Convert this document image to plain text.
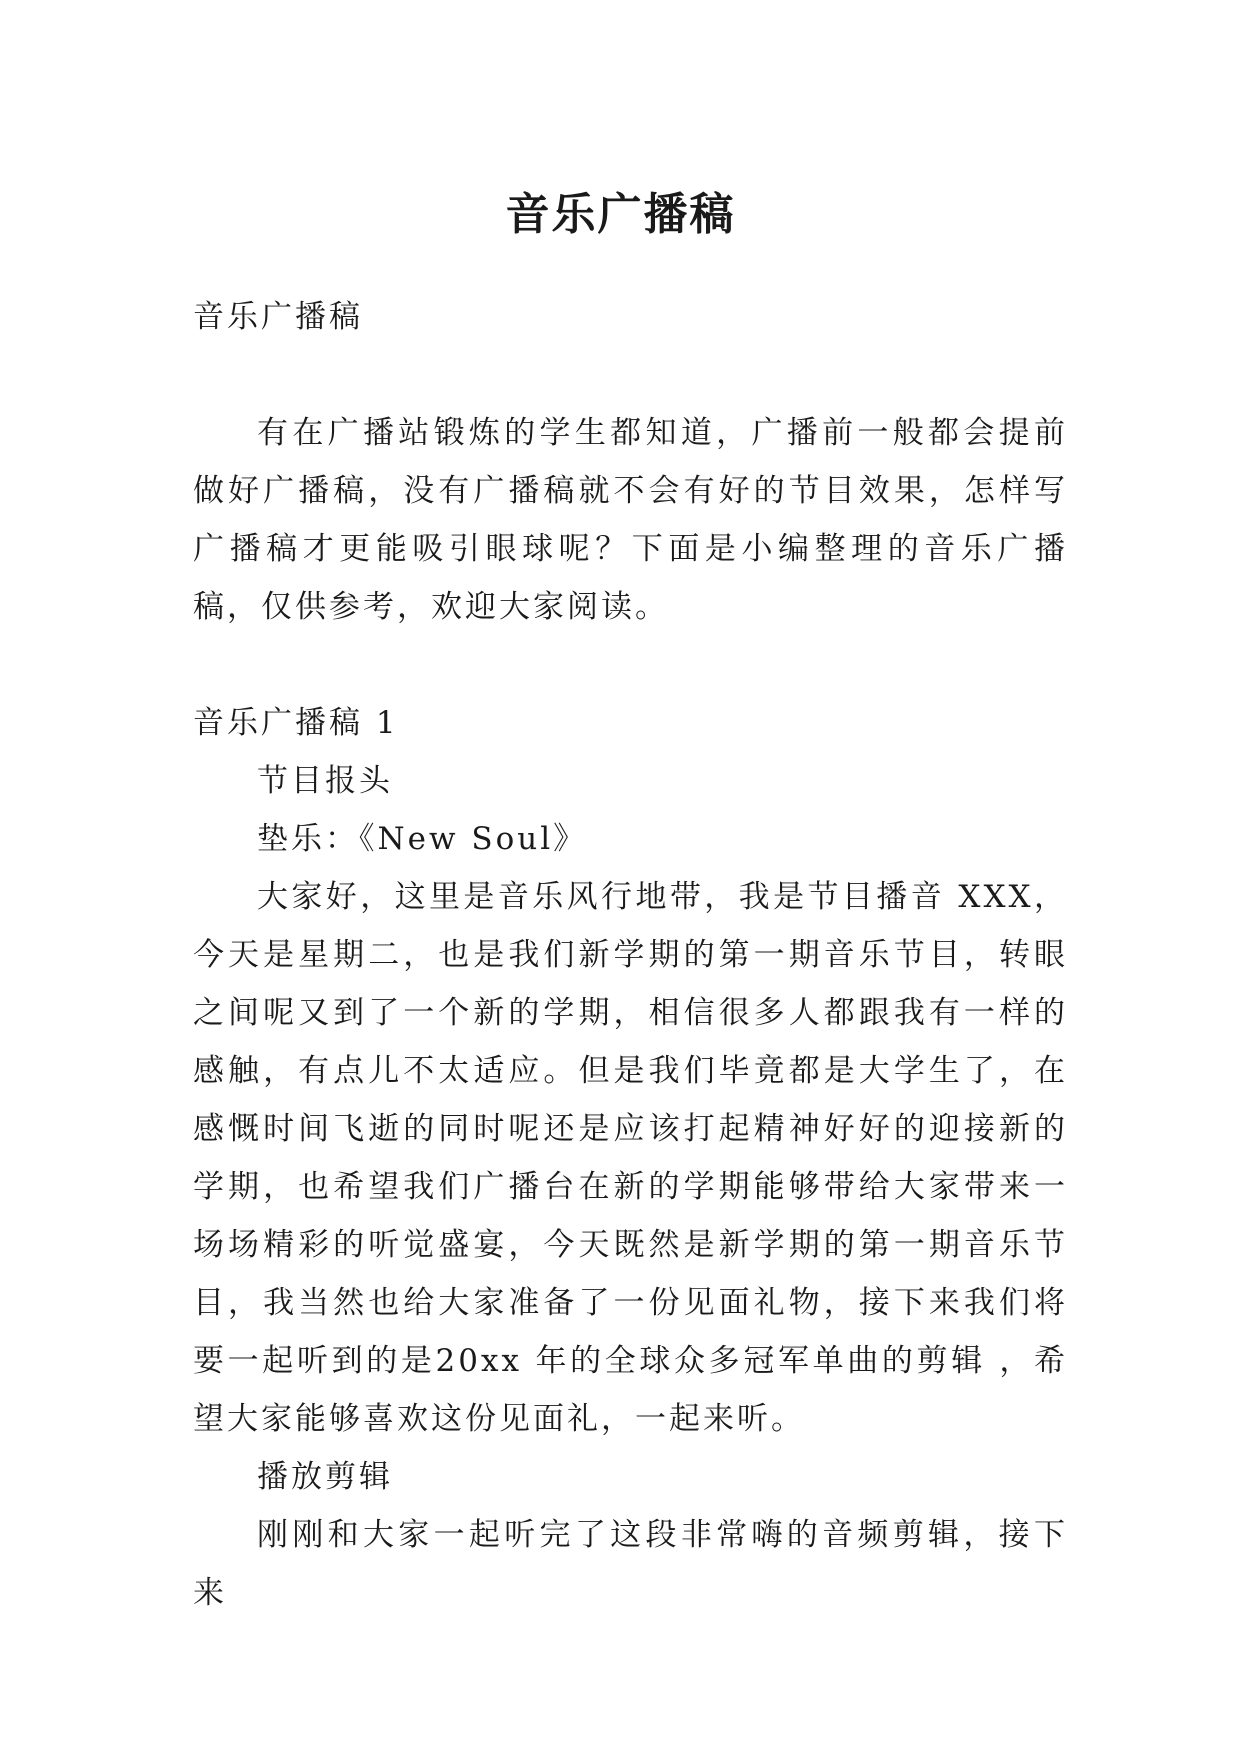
音乐广播稿

音乐广播稿

有在广播站锻炼的学生都知道，广播前一般都会提前做好广播稿，没有广播稿就不会有好的节目效果，怎样写广播稿才更能吸引眼球呢？下面是小编整理的音乐广播稿，仅供参考，欢迎大家阅读。

音乐广播稿 1

节目报头

垫乐：《New Soul》

大家好，这里是音乐风行地带，我是节目播音 XXX，今天是星期二，也是我们新学期的第一期音乐节目，转眼之间呢又到了一个新的学期，相信很多人都跟我有一样的感触，有点儿不太适应。但是我们毕竟都是大学生了，在感慨时间飞逝的同时呢还是应该打起精神好好的迎接新的学期，也希望我们广播台在新的学期能够带给大家带来一场场精彩的听觉盛宴，今天既然是新学期的第一期音乐节目，我当然也给大家准备了一份见面礼物，接下来我们将要一起听到的是20xx 年的全球众多冠军单曲的剪辑 ，希望大家能够喜欢这份见面礼，一起来听。

播放剪辑

刚刚和大家一起听完了这段非常嗨的音频剪辑，接下来
